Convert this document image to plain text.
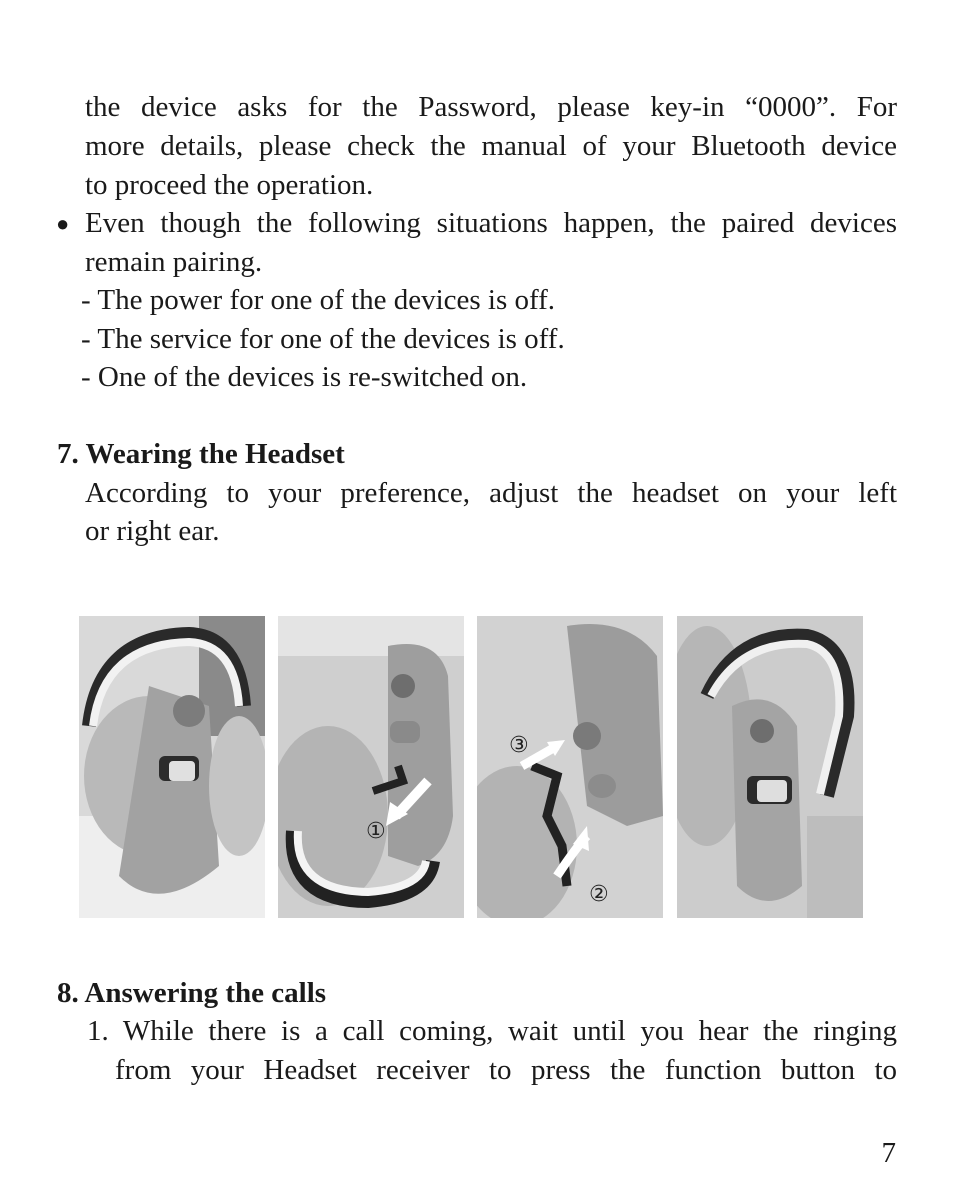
the device asks for the Password, please key-in “0000”. For
more details, please check the manual of your Bluetooth device
to proceed the operation.
● Even though the following situations happen, the paired devices
remain pairing.
- The power for one of the devices is off.
- The service for one of the devices is off.
- One of the devices is re-switched on.
7. Wearing the Headset
According to your preference, adjust the headset on your left
or right ear.
①
③
②
8. Answering the calls
1. While there is a call coming, wait until you hear the ringing
from your Headset receiver to press the function button to
7
